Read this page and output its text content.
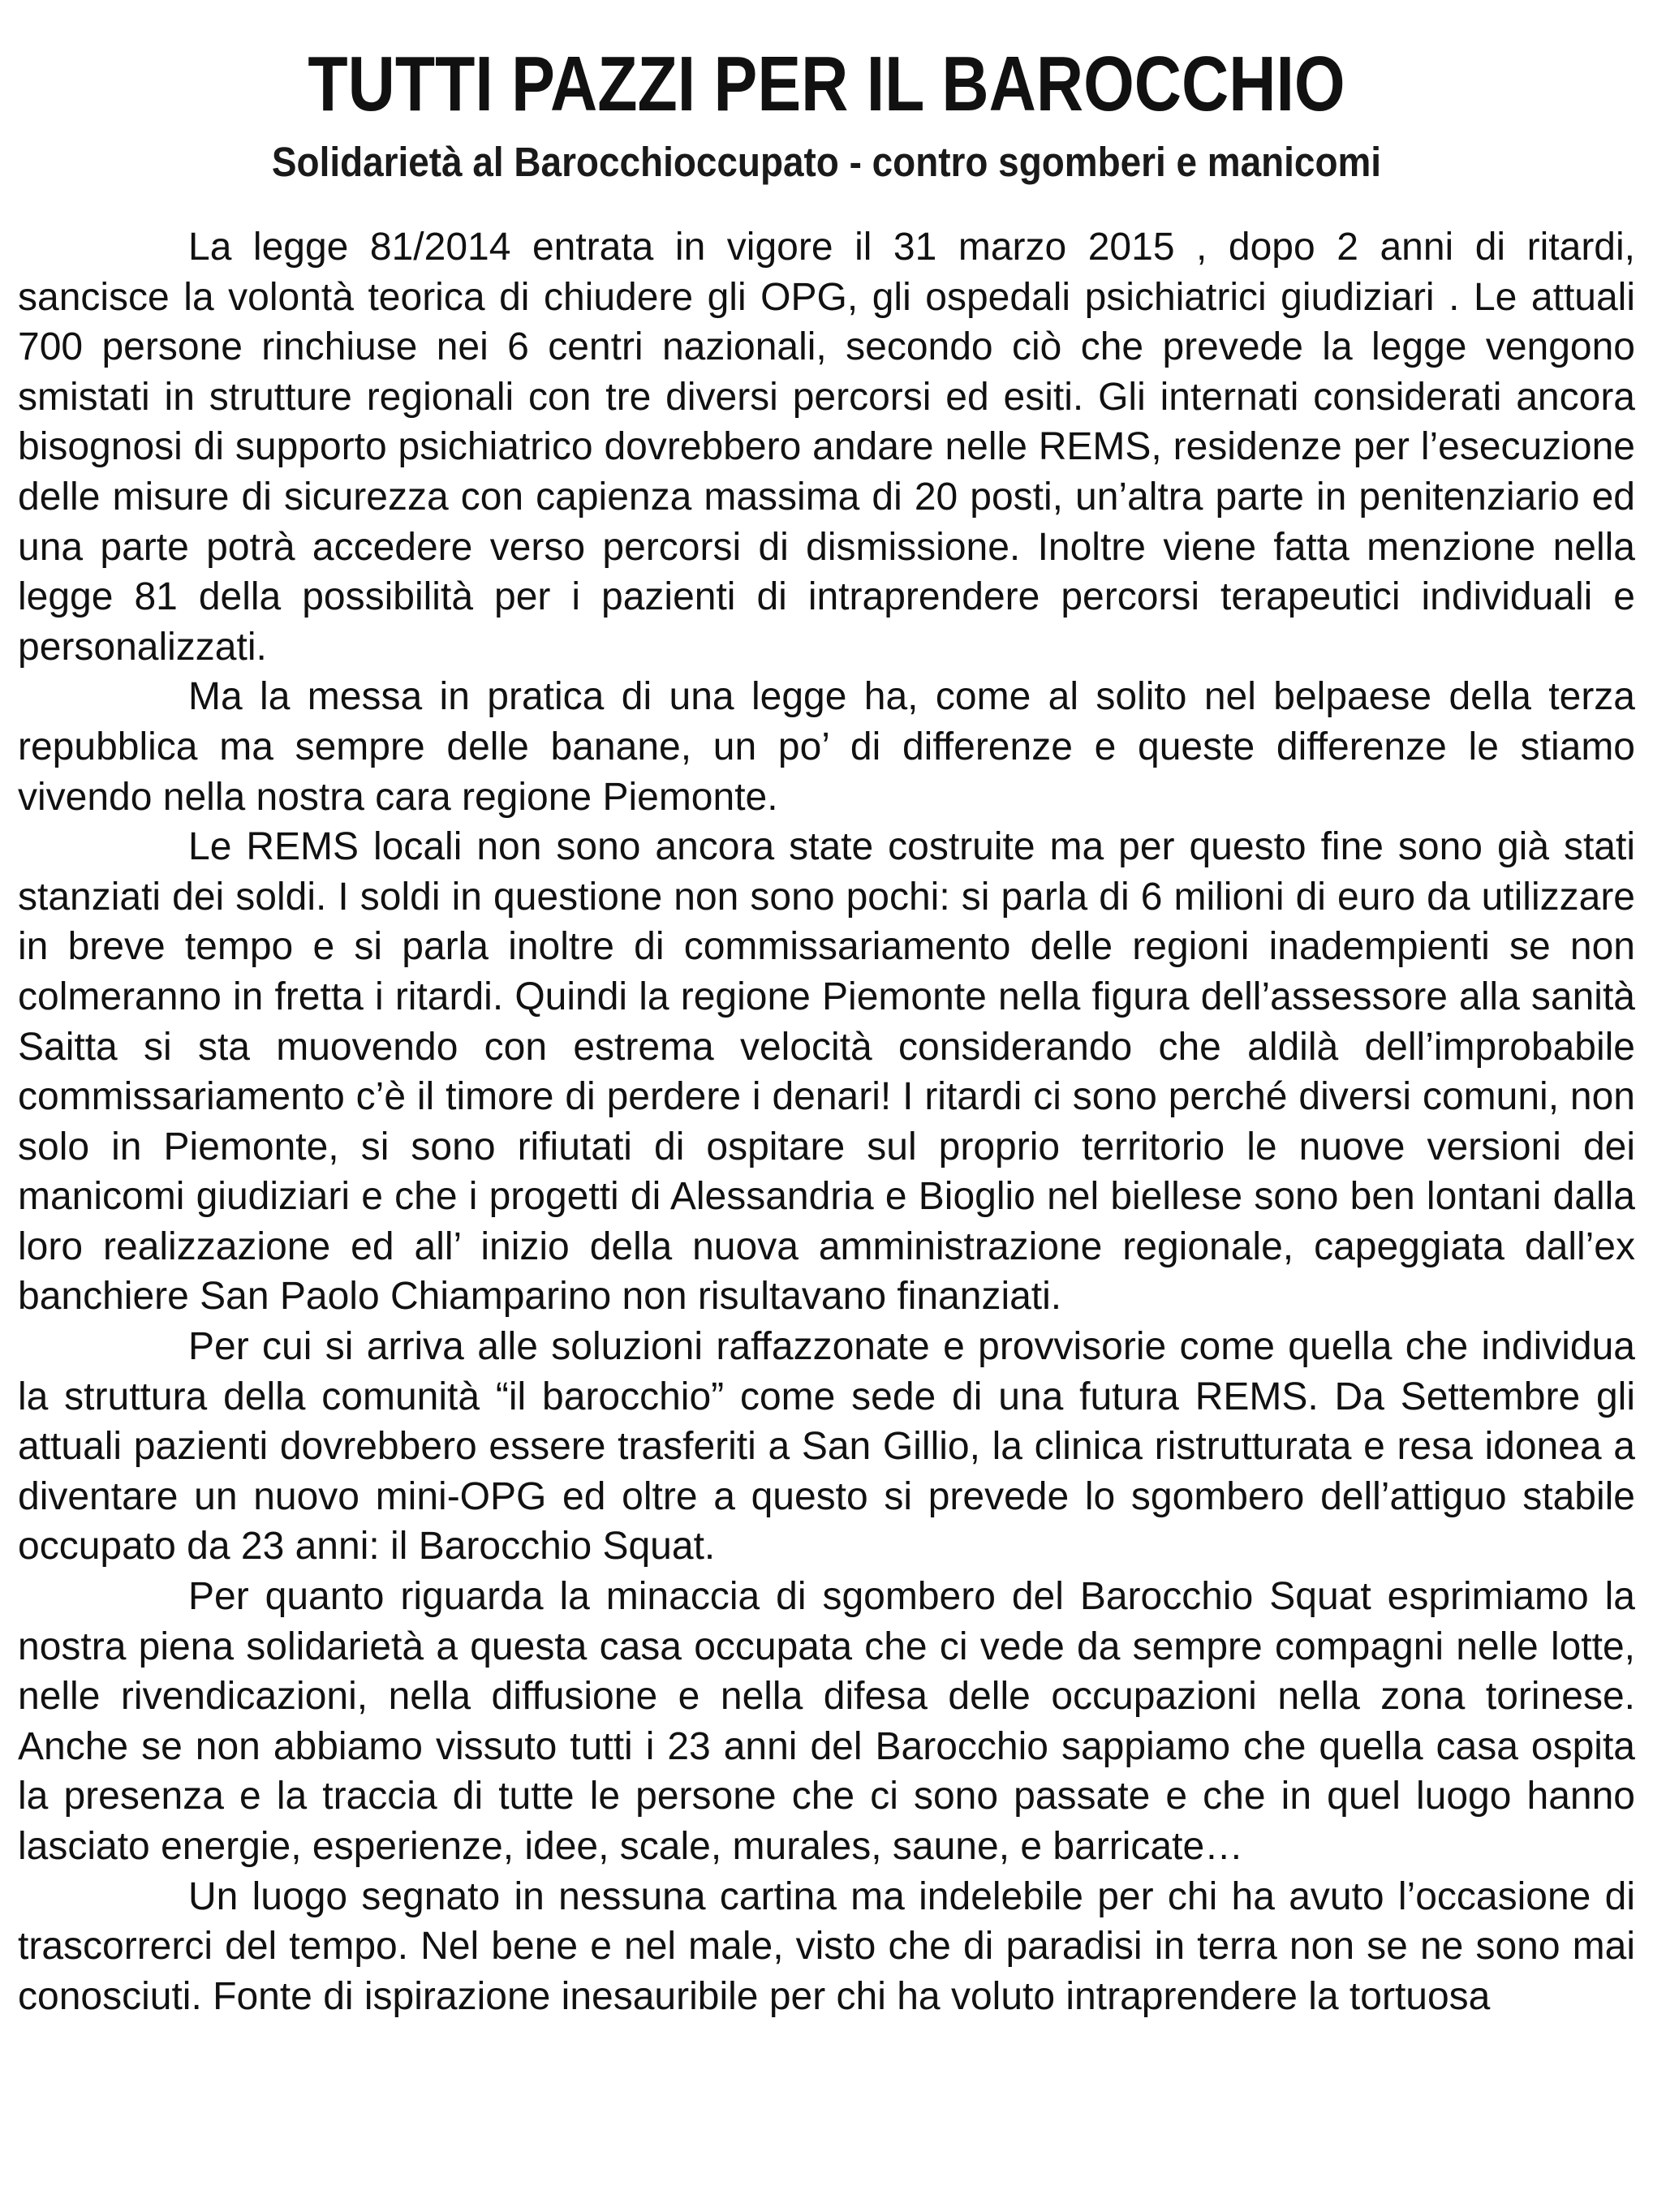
TUTTI PAZZI PER IL BAROCCHIO
Solidarietà al Barocchioccupato - contro sgomberi e manicomi

La legge 81/2014 entrata in vigore il 31 marzo 2015 , dopo 2 anni di ritardi, sancisce la volontà teorica di chiudere gli OPG, gli ospedali psichiatrici giudiziari . Le attuali 700 persone rinchiuse nei 6 centri nazionali, secondo ciò che prevede la legge vengono smistati in strutture regionali con tre diversi percorsi ed esiti. Gli internati considerati ancora bisognosi di supporto psichiatrico dovrebbero andare nelle REMS, residenze per l’esecuzione delle misure di sicurezza con capienza massima di 20 posti, un’altra parte in penitenziario ed una parte potrà accedere verso percorsi di dismissione. Inoltre viene fatta menzione nella legge 81 della possibilità per i pazienti di intraprendere percorsi terapeutici individuali e personalizzati.

Ma la messa in pratica di una legge ha, come al solito nel belpaese della terza repubblica ma sempre delle banane, un po’ di differenze e queste differenze le stiamo vivendo nella nostra cara regione Piemonte.

Le REMS locali non sono ancora state costruite ma per questo fine sono già stati stanziati dei soldi. I soldi in questione non sono pochi: si parla di 6 milioni di euro da utilizzare in breve tempo e si parla inoltre di commissariamento delle regioni inadempienti se non colmeranno in fretta i ritardi. Quindi la regione Piemonte nella figura dell’assessore alla sanità Saitta si sta muovendo con estrema velocità considerando che aldilà dell’improbabile commissariamento c’è il timore di perdere i denari! I ritardi ci sono perché diversi comuni, non solo in Piemonte, si sono rifiutati di ospitare sul proprio territorio le nuove versioni dei manicomi giudiziari e che i progetti di Alessandria e Bioglio nel biellese sono ben lontani dalla loro realizzazione ed all’ inizio della nuova amministrazione regionale, capeggiata dall’ex banchiere San Paolo Chiamparino non risultavano finanziati.

Per cui si arriva alle soluzioni raffazzonate e provvisorie come quella che individua la struttura della comunità “il barocchio” come sede di una futura REMS. Da Settembre gli attuali pazienti dovrebbero essere trasferiti a San Gillio, la clinica ristrutturata e resa idonea a diventare un nuovo mini-OPG ed oltre a questo si prevede lo sgombero dell’attiguo stabile occupato da 23 anni: il Barocchio Squat.

Per quanto riguarda la minaccia di sgombero del Barocchio Squat esprimiamo la nostra piena solidarietà a questa casa occupata che ci vede da sempre compagni nelle lotte, nelle rivendicazioni, nella diffusione e nella difesa delle occupazioni nella zona torinese. Anche se non abbiamo vissuto tutti i 23 anni del Barocchio sappiamo che quella casa ospita la presenza e la traccia di tutte le persone che ci sono passate e che in quel luogo hanno lasciato energie, esperienze, idee, scale, murales, saune, e barricate…

Un luogo segnato in nessuna cartina ma indelebile per chi ha avuto l’occasione di trascorrerci del tempo. Nel bene e nel male, visto che di paradisi in terra non se ne sono mai conosciuti. Fonte di ispirazione inesauribile per chi ha voluto intraprendere la tortuosa
